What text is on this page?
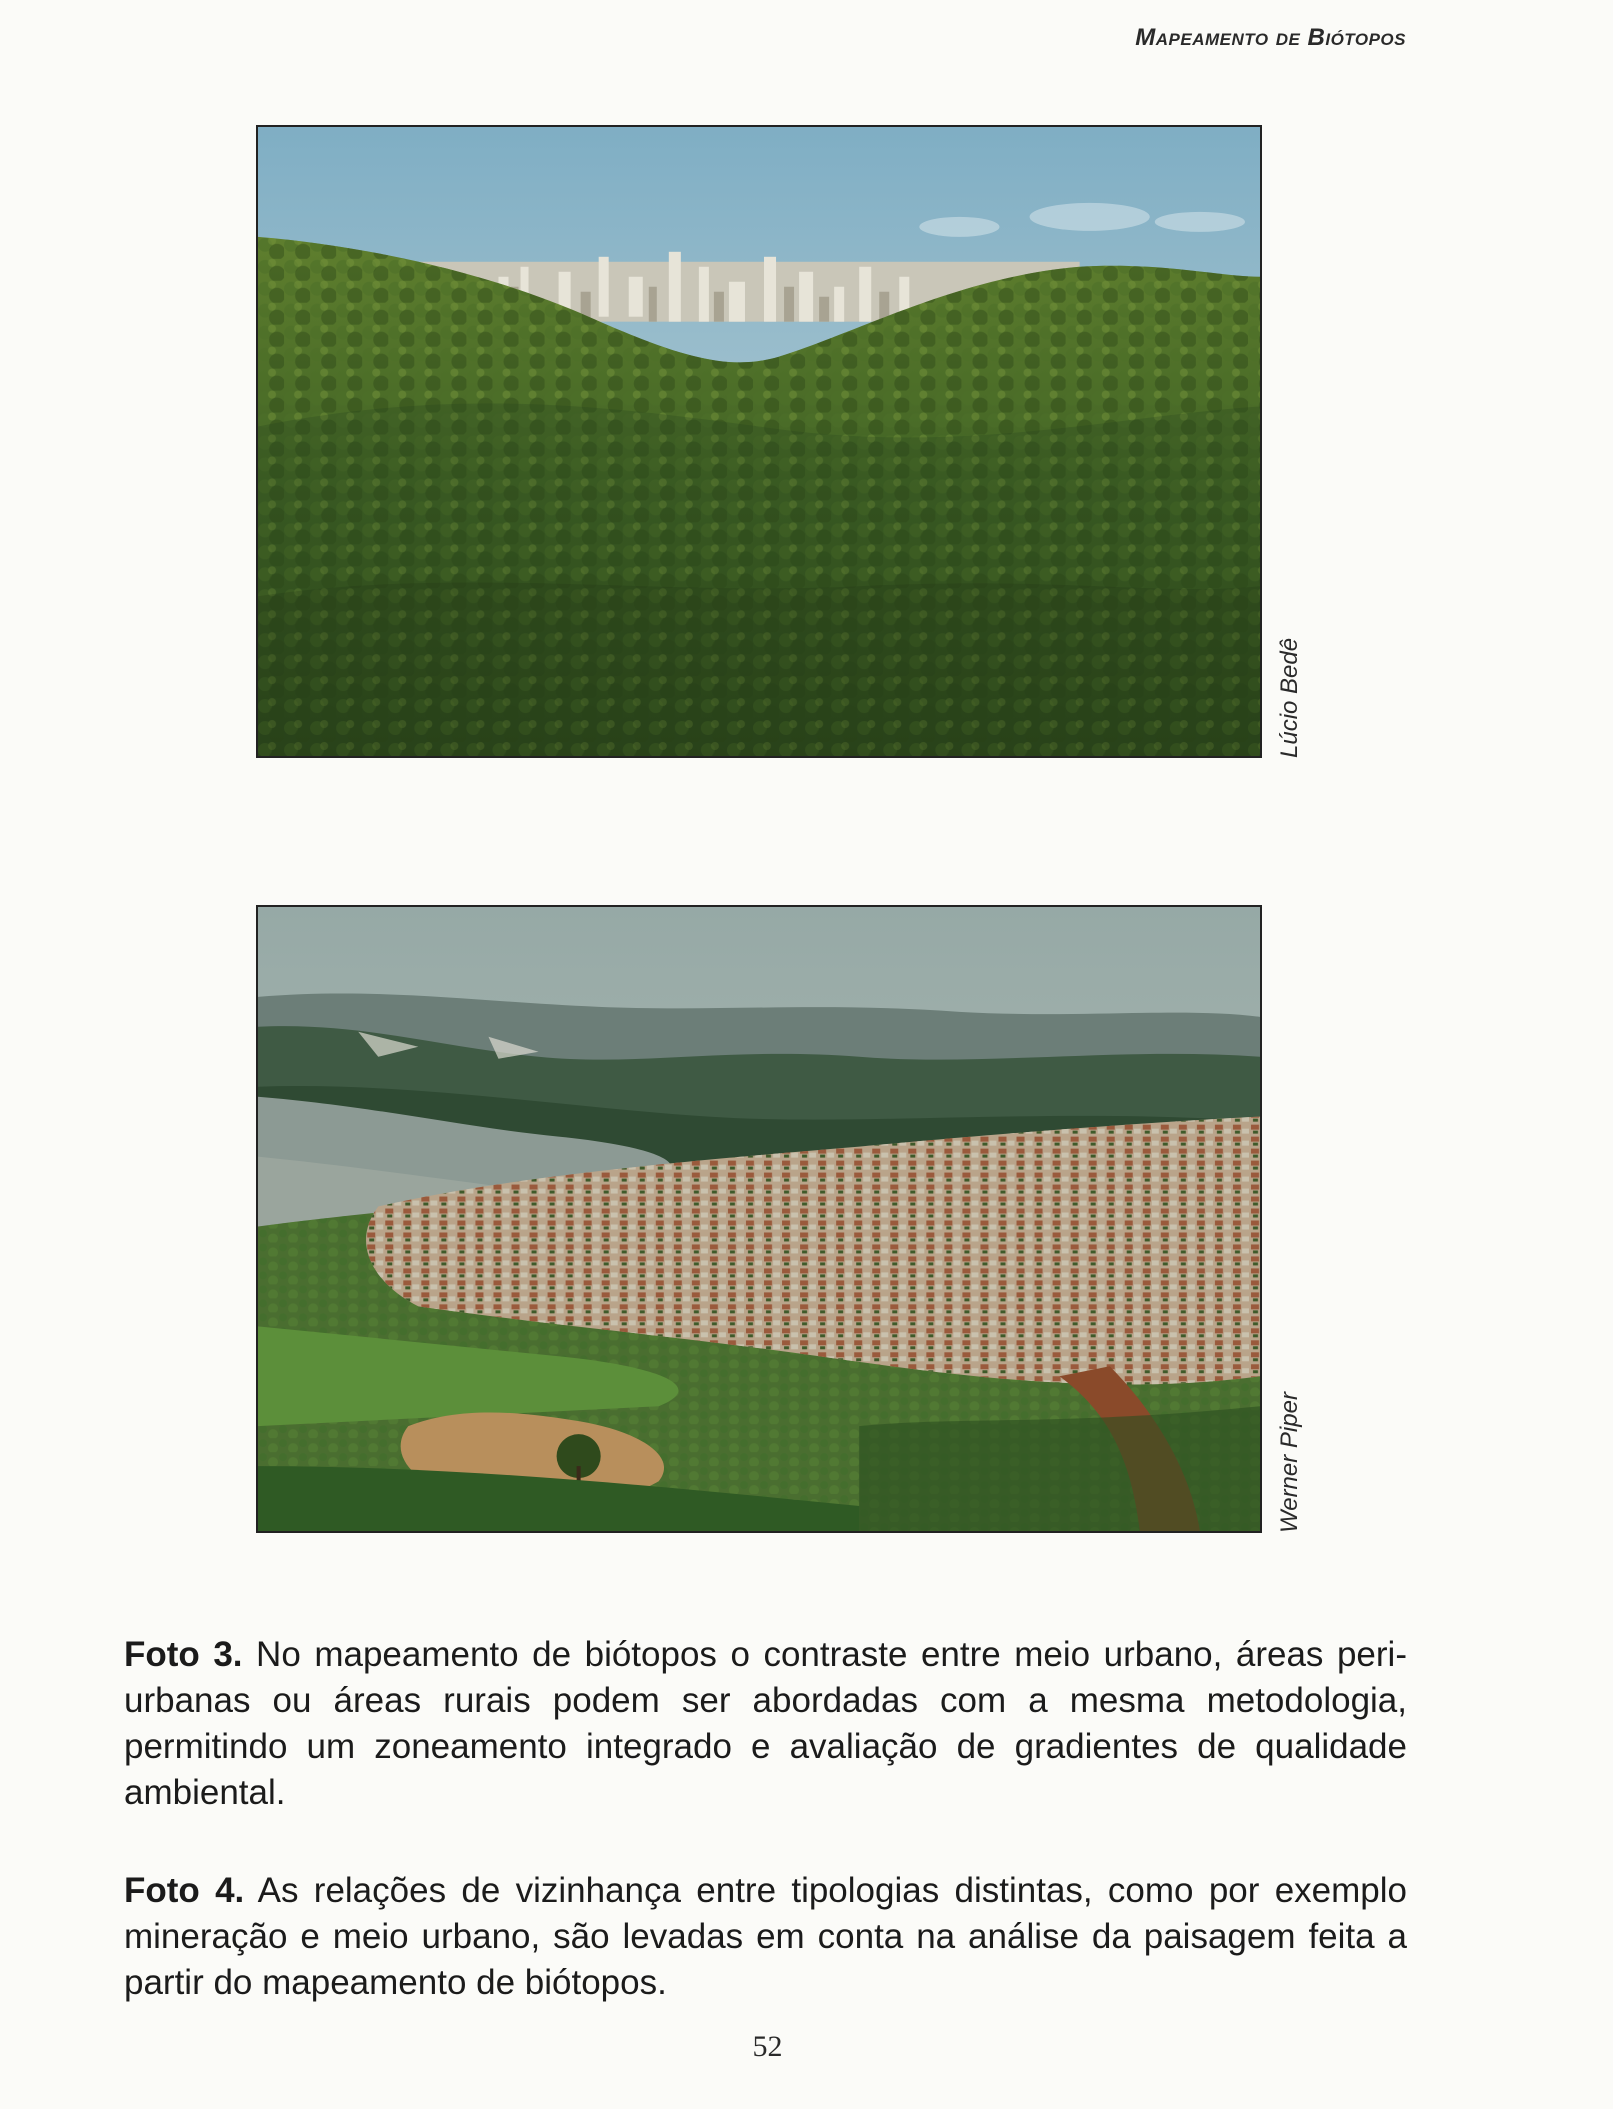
Mapeamento de Biótopos
Lúcio Bedê
Werner Piper

Foto 3. No mapeamento de biótopos o contraste entre meio urbano, áreas peri-urbanas ou áreas rurais podem ser abordadas com a mesma metodologia, permitindo um zoneamento integrado e avaliação de gradientes de qualidade ambiental.

Foto 4. As relações de vizinhança entre tipologias distintas, como por exemplo mineração e meio urbano, são levadas em conta na análise da paisagem feita a partir do mapeamento de biótopos.

52
